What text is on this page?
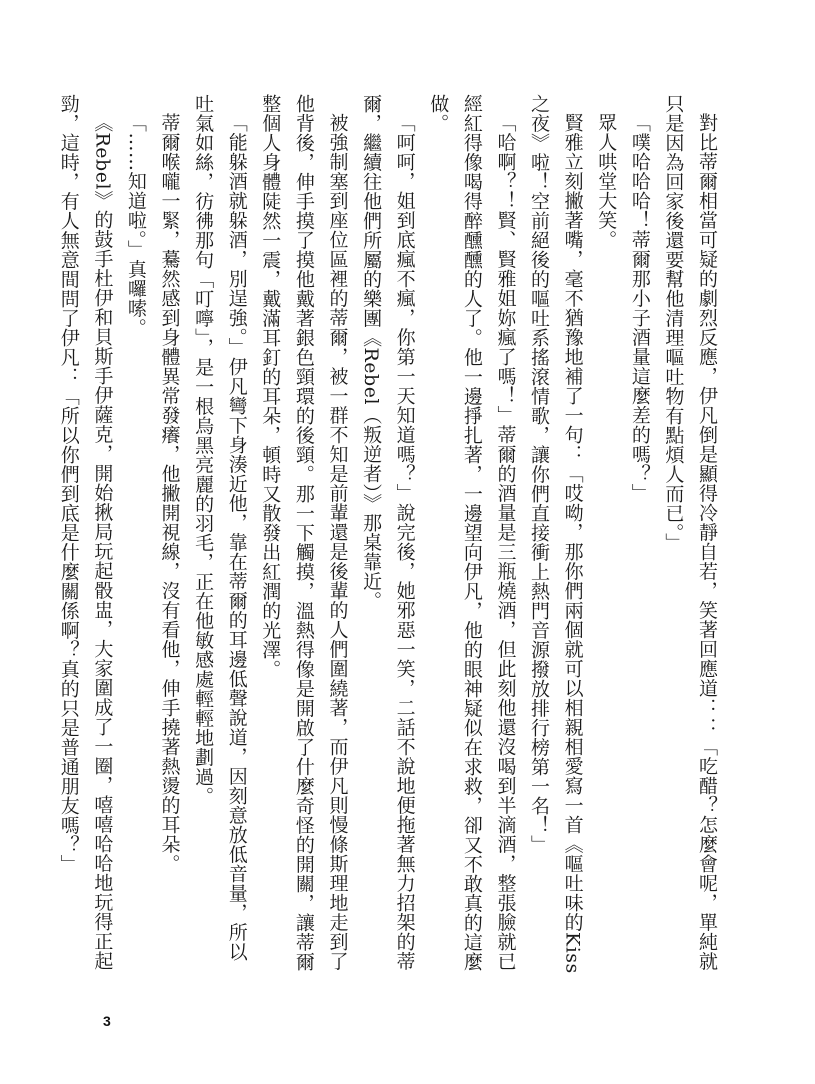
對比蒂爾相當可疑的劇烈反應，伊凡倒是顯得冷靜自若，笑著回應道：：「吃醋？怎麼會呢，單純就只是因為回家後還要幫他清理嘔吐物有點煩人而已。」

「噗哈哈哈！蒂爾那小子酒量這麼差的嗎？」

眾人哄堂大笑。

賢雅立刻撇著嘴，毫不猶豫地補了一句：「哎呦，那你們兩個就可以相親相愛寫一首《嘔吐味的Kiss之夜》啦！空前絕後的嘔吐系搖滾情歌，讓你們直接衝上熱門音源撥放排行榜第一名！」

「哈啊？！賢、賢雅姐妳瘋了嗎！」蒂爾的酒量是三瓶燒酒，但此刻他還沒喝到半滴酒，整張臉就已經紅得像喝得醉醺醺的人了。他一邊掙扎著，一邊望向伊凡，他的眼神疑似在求救，卻又不敢真的這麼做。

「呵呵，姐到底瘋不瘋，你第一天知道嗎？」說完後，她邪惡一笑，二話不說地便拖著無力招架的蒂爾，繼續往他們所屬的樂團《Rebel（叛逆者）》那桌靠近。

被強制塞到座位區裡的蒂爾，被一群不知是前輩還是後輩的人們圍繞著，而伊凡則慢條斯理地走到了他背後，伸手摸了摸他戴著銀色頸環的後頸。那一下觸摸，溫熱得像是開啟了什麼奇怪的開關，讓蒂爾整個人身體陡然一震，戴滿耳釘的耳朵，頓時又散發出紅潤的光澤。

「能躲酒就躲酒，別逞強。」伊凡彎下身湊近他，靠在蒂爾的耳邊低聲說道，因刻意放低音量，所以吐氣如絲，彷彿那句「叮嚀」，是一根烏黑亮麗的羽毛，正在他敏感處輕輕地劃過。

蒂爾喉嚨一緊，驀然感到身體異常發癢，他撇開視線，沒有看他，伸手撓著熱燙的耳朵。

「……知道啦。」真囉嗦。

《Rebel》的鼓手杜伊和貝斯手伊薩克，開始揪局玩起骰盅，大家圍成了一圈，嘻嘻哈哈地玩得正起勁，這時，有人無意間問了伊凡：「所以你們到底是什麼關係啊？真的只是普通朋友嗎？」

3
